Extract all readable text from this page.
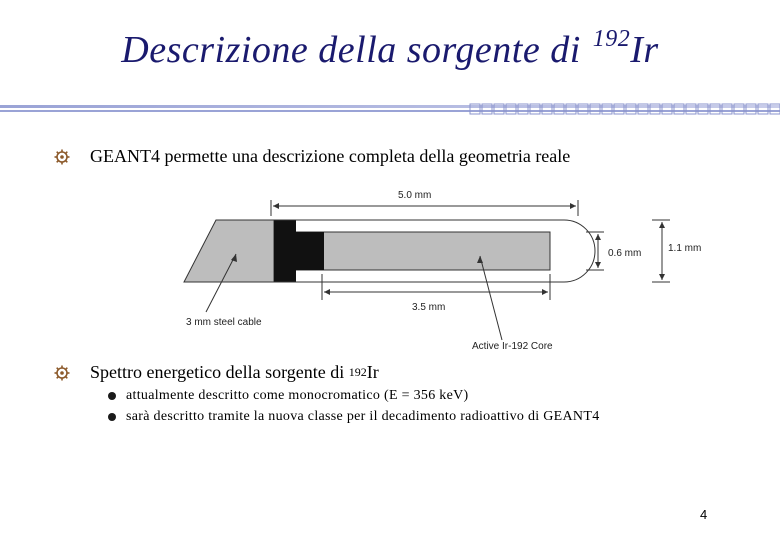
Descrizione della sorgente di $^{192}$Ir
GEANT4 permette una descrizione completa della geometria reale
5.0 mm
3.5 mm
0.6 mm	1.1 mm
3 mm steel cable
Active Ir-192 Core
Spettro energetico della sorgente di
192 Ir
attualmente descritto come monocromatico (E = 356 keV)
sarà descritto tramite la nuova classe per il decadimento radioattivo di GEANT4
4
